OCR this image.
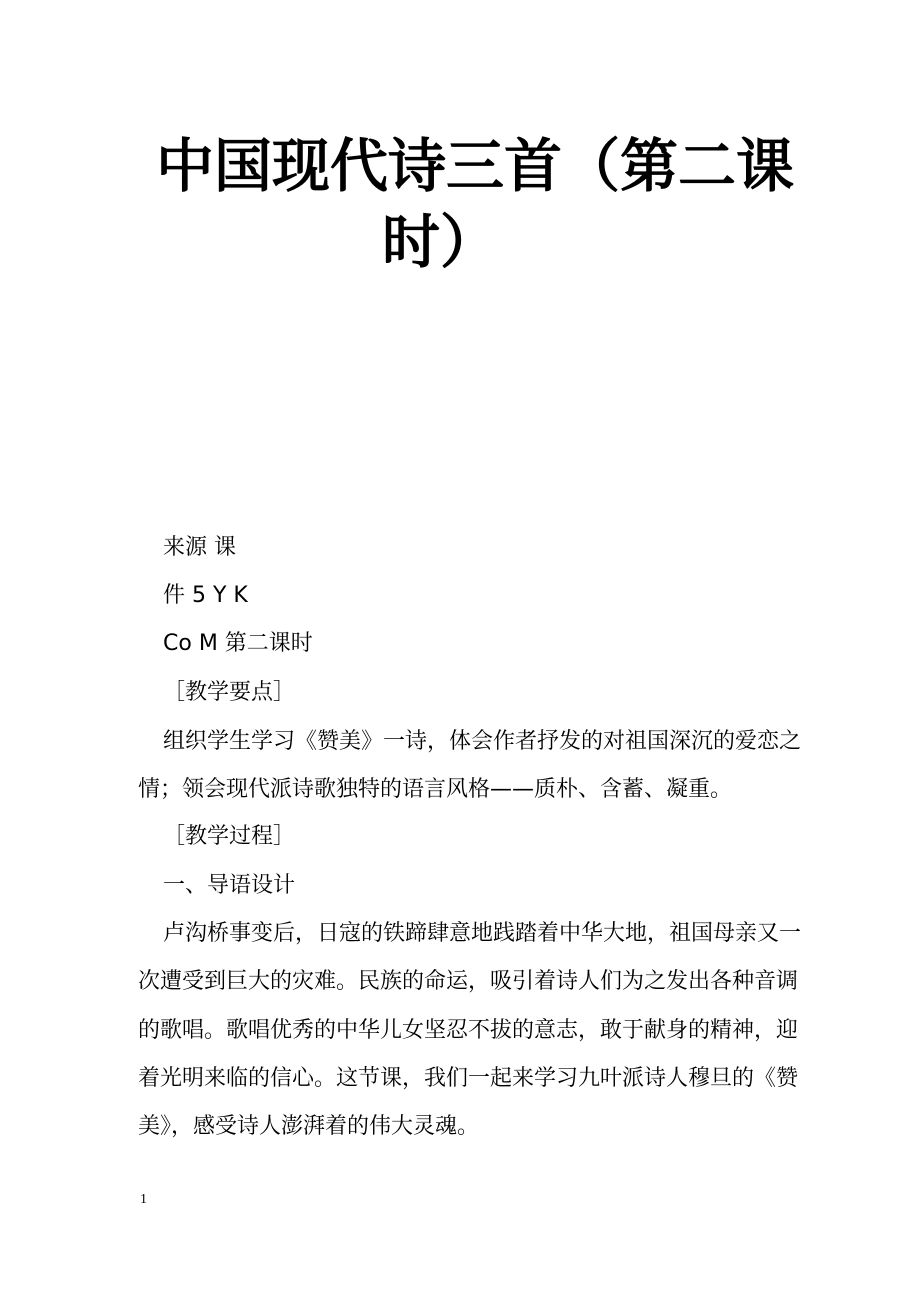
中国现代诗三首（第二课
时）
来源 课
件 5 Y K
Co M 第二课时
［教学要点］
组织学生学习《赞美》一诗，体会作者抒发的对祖国深沉的爱恋之
情；领会现代派诗歌独特的语言风格——质朴、含蓄、凝重。
［教学过程］
一、导语设计
卢沟桥事变后，日寇的铁蹄肆意地践踏着中华大地，祖国母亲又一
次遭受到巨大的灾难。民族的命运，吸引着诗人们为之发出各种音调
的歌唱。歌唱优秀的中华儿女坚忍不拔的意志，敢于献身的精神，迎
着光明来临的信心。这节课，我们一起来学习九叶派诗人穆旦的《赞
美》，感受诗人澎湃着的伟大灵魂。
1
